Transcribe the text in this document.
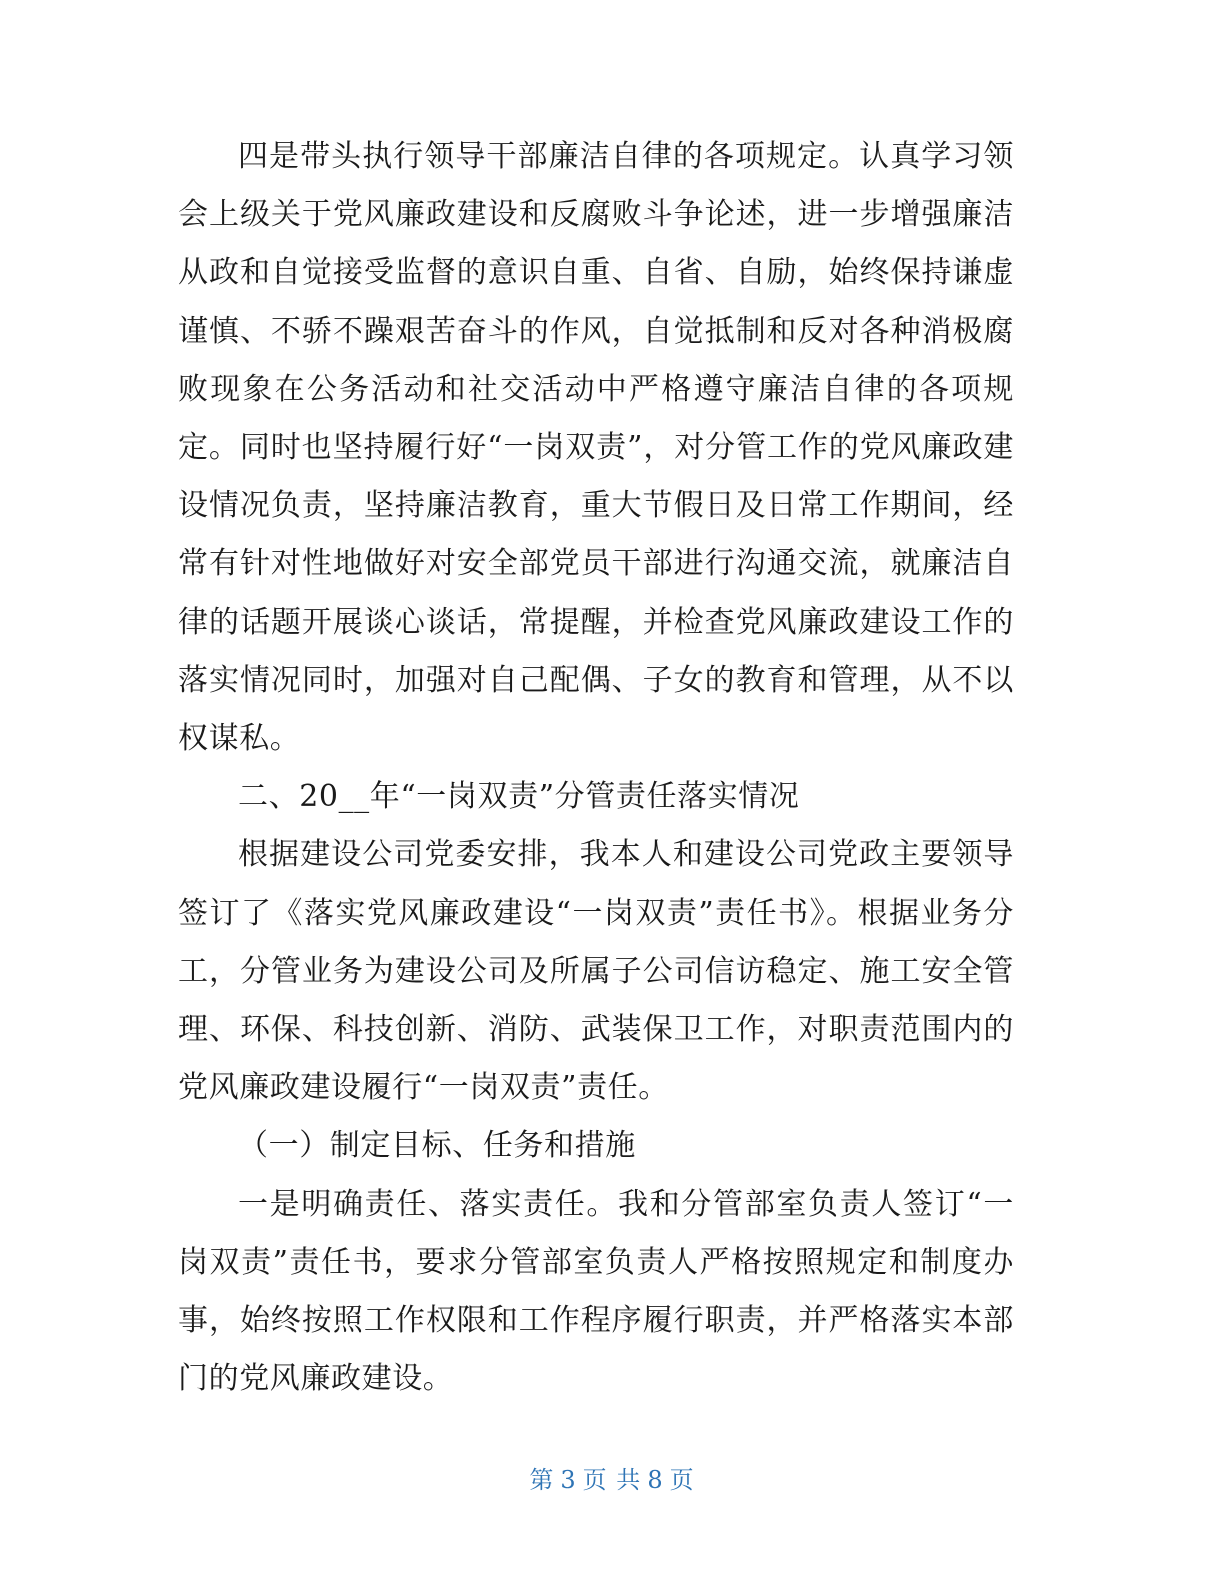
四是带头执行领导干部廉洁自律的各项规定。认真学习领会上级关于党风廉政建设和反腐败斗争论述，进一步增强廉洁从政和自觉接受监督的意识自重、自省、自励，始终保持谦虚谨慎、不骄不躁艰苦奋斗的作风，自觉抵制和反对各种消极腐败现象在公务活动和社交活动中严格遵守廉洁自律的各项规定。同时也坚持履行好“一岗双责”，对分管工作的党风廉政建设情况负责，坚持廉洁教育，重大节假日及日常工作期间，经常有针对性地做好对安全部党员干部进行沟通交流，就廉洁自律的话题开展谈心谈话，常提醒，并检查党风廉政建设工作的落实情况同时，加强对自己配偶、子女的教育和管理，从不以权谋私。

二、20__年“一岗双责”分管责任落实情况

根据建设公司党委安排，我本人和建设公司党政主要领导签订了《落实党风廉政建设“一岗双责”责任书》。根据业务分工，分管业务为建设公司及所属子公司信访稳定、施工安全管理、环保、科技创新、消防、武装保卫工作，对职责范围内的党风廉政建设履行“一岗双责”责任。

（一）制定目标、任务和措施

一是明确责任、落实责任。我和分管部室负责人签订“一岗双责”责任书，要求分管部室负责人严格按照规定和制度办事，始终按照工作权限和工作程序履行职责，并严格落实本部门的党风廉政建设。

第 3 页 共 8 页
